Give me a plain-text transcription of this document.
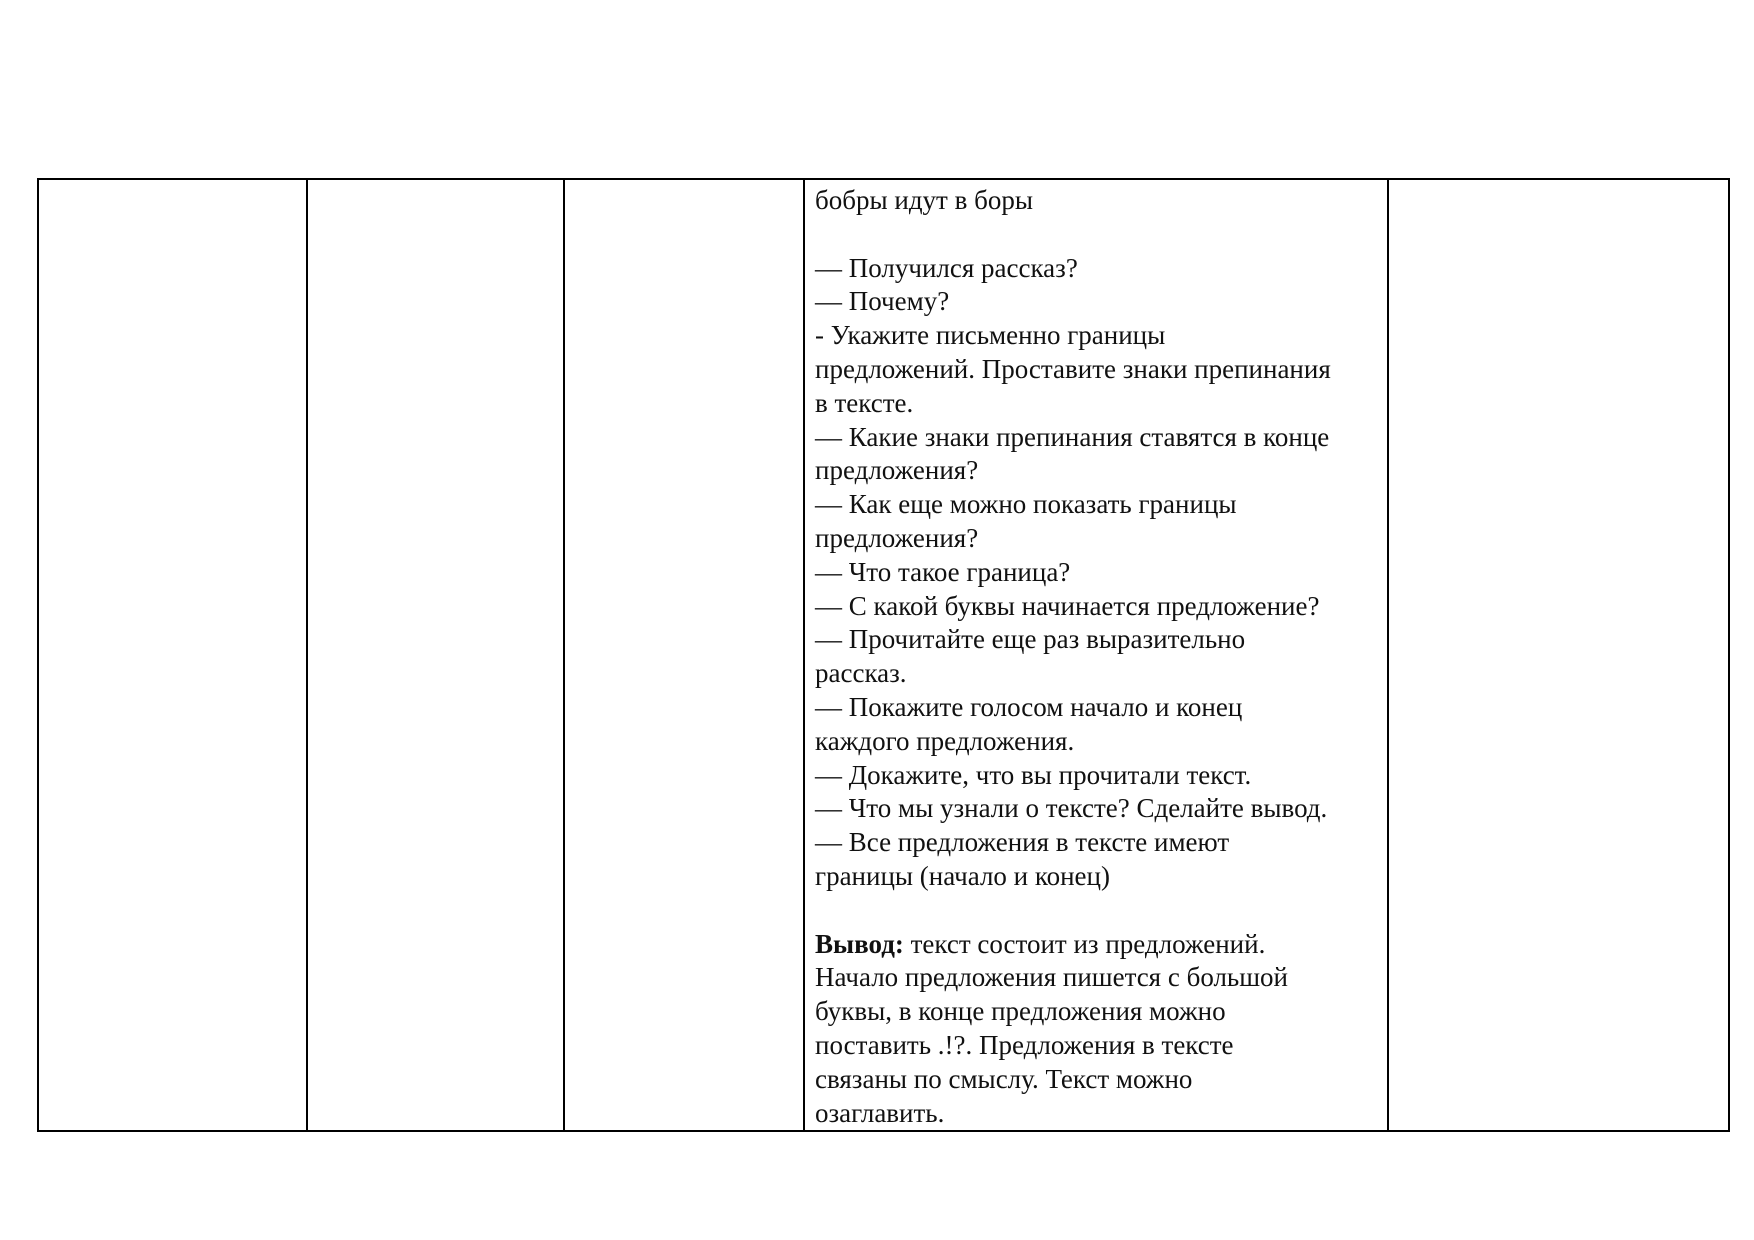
бобры идут в боры
— Получился рассказ?
— Почему?
- Укажите письменно границы
предложений. Проставите знаки препинания
в тексте.
— Какие знаки препинания ставятся в конце
предложения?
— Как еще можно показать границы
предложения?
— Что такое граница?
— С какой буквы начинается предложение?
— Прочитайте еще раз выразительно
рассказ.
— Покажите голосом начало и конец
каждого предложения.
— Докажите, что вы прочитали текст.
— Что мы узнали о тексте? Сделайте вывод.
— Все предложения в тексте имеют
границы (начало и конец)
Вывод: текст состоит из предложений.
Начало предложения пишется с большой
буквы, в конце предложения можно
поставить .!?. Предложения в тексте
связаны по смыслу. Текст можно
озаглавить.
